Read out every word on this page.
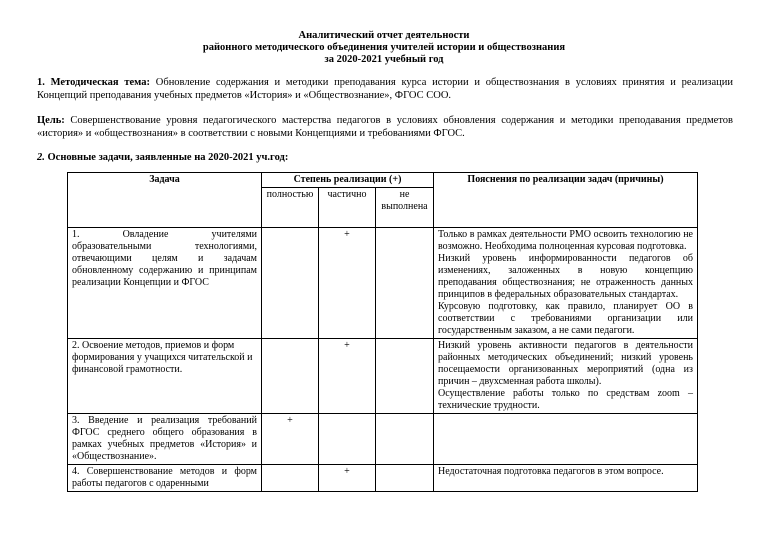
Аналитический отчет деятельности
районного методического объединения учителей истории и обществознания
за 2020-2021 учебный год
1. Методическая тема: Обновление содержания и методики преподавания курса истории и обществознания в условиях принятия и реализации Концепций преподавания учебных предметов «История» и «Обществознание», ФГОС СОО.
Цель: Совершенствование уровня педагогического мастерства педагогов в условиях обновления содержания и методики преподавания предметов «история» и «обществознания» в соответствии с новыми Концепциями и требованиями ФГОС.
2. Основные задачи, заявленные на 2020-2021 уч.год:
Задача	Степень реализации (+)			Пояснения по реализации задач (причины)
	полностью	частично	не выполнена	
1. Овладение учителями образовательными технологиями, отвечающими целям и задачам обновленному содержанию и принципам реализации Концепции и ФГОС		+		Только в рамках деятельности РМО освоить технологию не возможно. Необходима полноценная курсовая подготовка.
Низкий уровень информированности педагогов об изменениях, заложенных в новую концепцию преподавания обществознания; не отраженность данных принципов в федеральных образовательных стандартах.
Курсовую подготовку, как правило, планирует ОО в соответствии с требованиями организации или государственным заказом, а не сами педагоги.

2. Освоение методов, приемов и форм формирования у учащихся читательской и финансовой грамотности.		+		Низкий уровень активности педагогов в деятельности районных методических объединений; низкий уровень посещаемости организованных мероприятий (одна из причин – двухсменная работа школы).
Осуществление работы только по средствам zoom – технические трудности.

3. Введение и реализация требований ФГОС среднего общего образования в рамках учебных предметов «История» и «Обществознание».	+			
4. Совершенствование методов и форм работы педагогов с одаренными		+		Недостаточная подготовка педагогов в этом вопросе.
